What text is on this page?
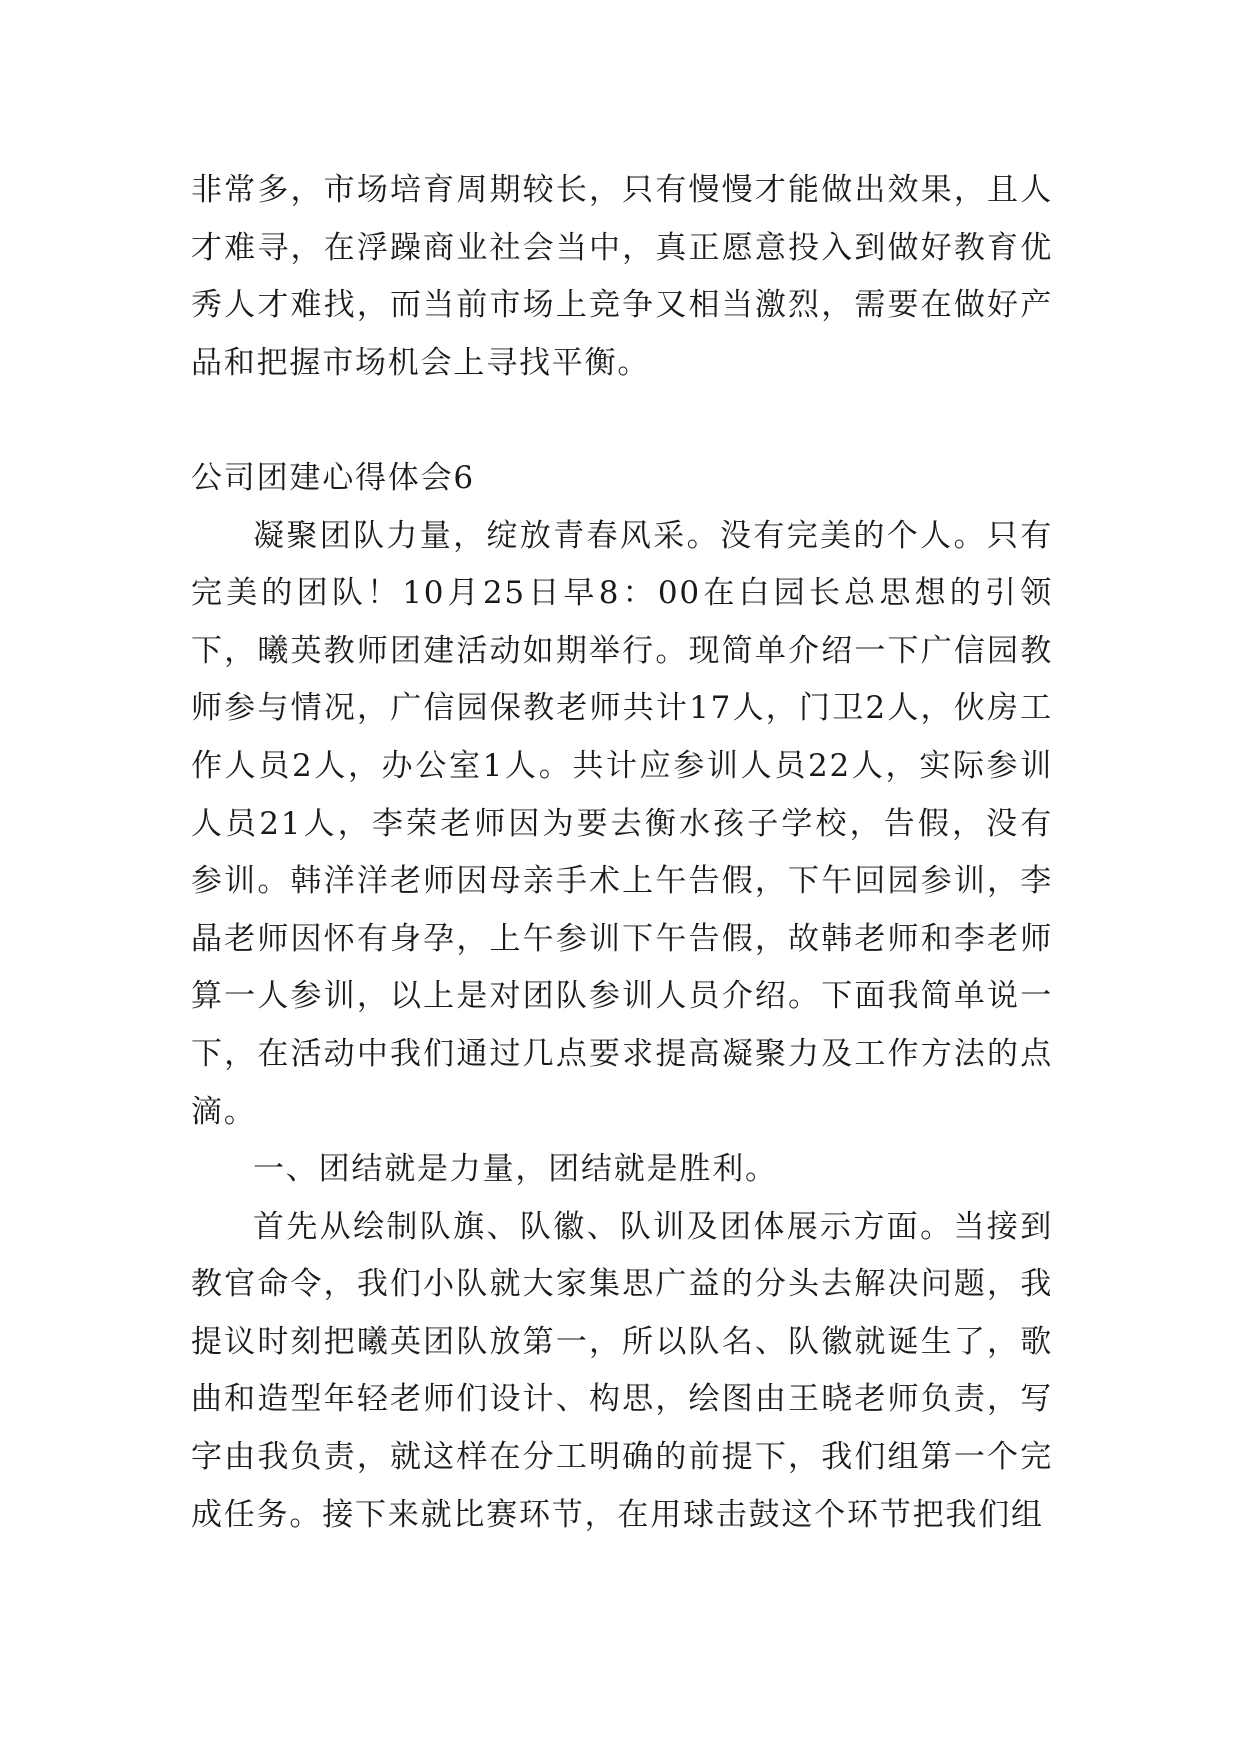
非常多，市场培育周期较长，只有慢慢才能做出效果，且人才难寻，在浮躁商业社会当中，真正愿意投入到做好教育优秀人才难找，而当前市场上竞争又相当激烈，需要在做好产品和把握市场机会上寻找平衡。

公司团建心得体会6

凝聚团队力量，绽放青春风采。没有完美的个人。只有完美的团队！10月25日早8：00在白园长总思想的引领下，曦英教师团建活动如期举行。现简单介绍一下广信园教师参与情况，广信园保教老师共计17人，门卫2人，伙房工作人员2人，办公室1人。共计应参训人员22人，实际参训人员21人，李荣老师因为要去衡水孩子学校，告假，没有参训。韩洋洋老师因母亲手术上午告假，下午回园参训，李晶老师因怀有身孕，上午参训下午告假，故韩老师和李老师算一人参训，以上是对团队参训人员介绍。下面我简单说一下，在活动中我们通过几点要求提高凝聚力及工作方法的点滴。

一、团结就是力量，团结就是胜利。

首先从绘制队旗、队徽、队训及团体展示方面。当接到教官命令，我们小队就大家集思广益的分头去解决问题，我提议时刻把曦英团队放第一，所以队名、队徽就诞生了，歌曲和造型年轻老师们设计、构思，绘图由王晓老师负责，写字由我负责，就这样在分工明确的前提下，我们组第一个完成任务。接下来就比赛环节，在用球击鼓这个环节把我们组
